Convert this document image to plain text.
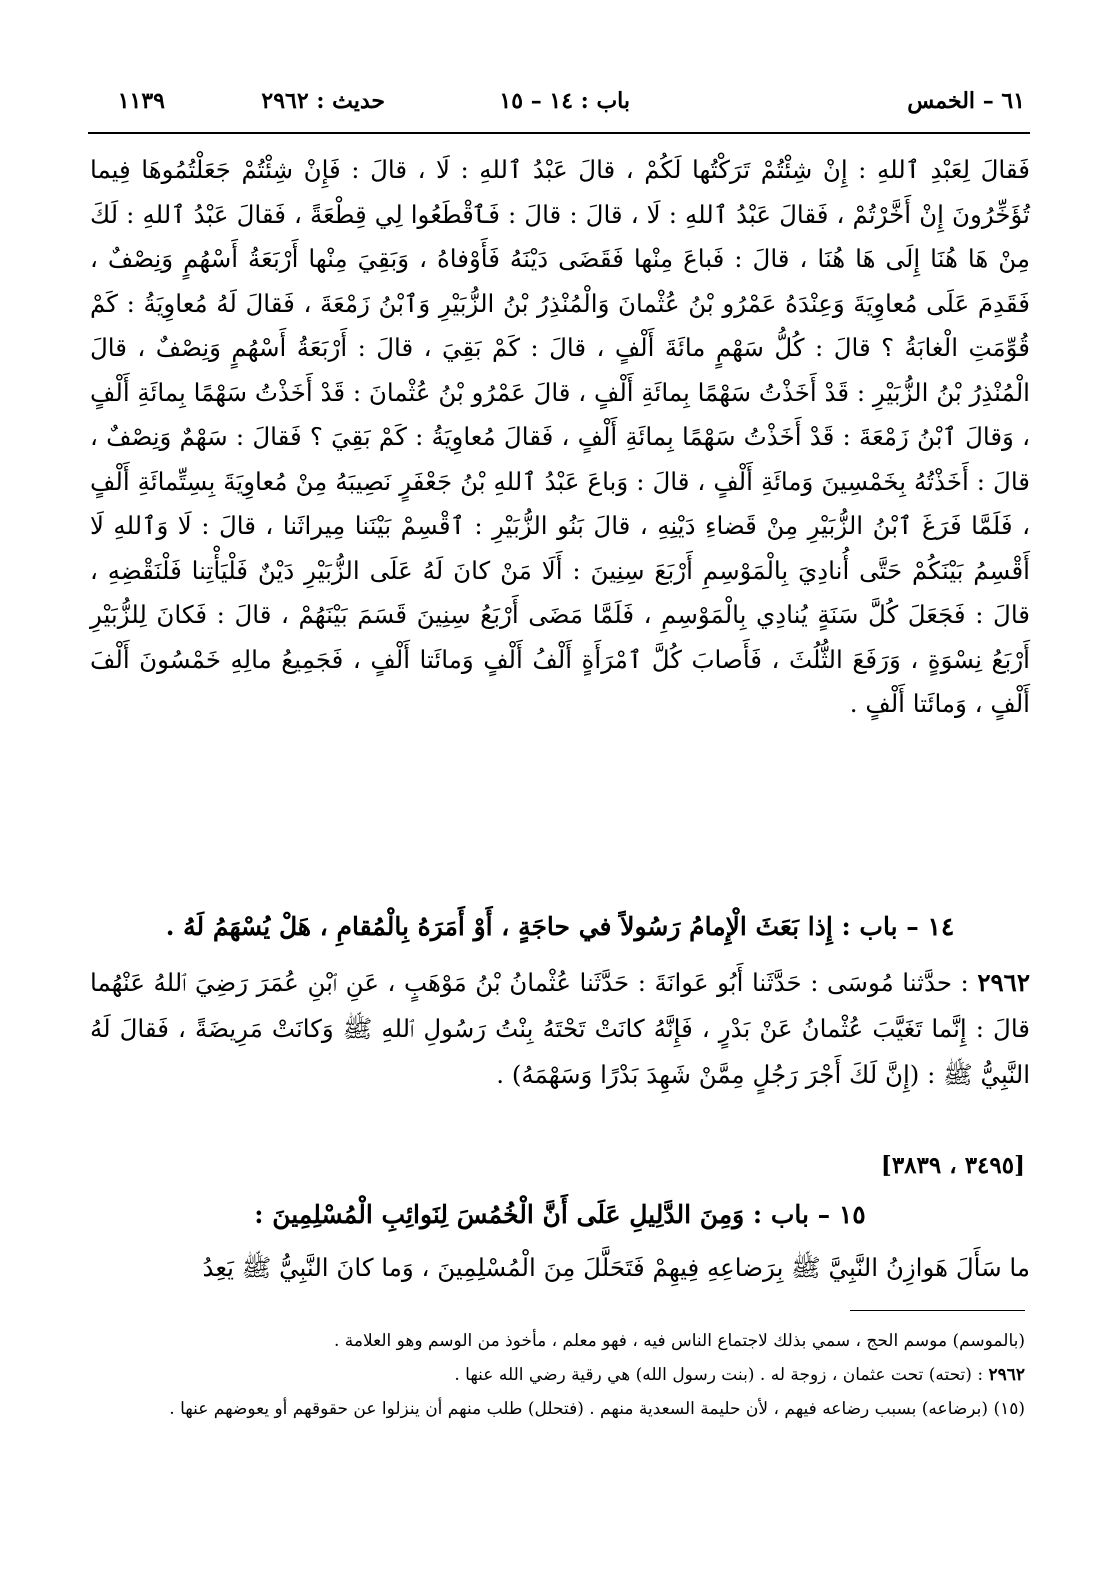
٦١ – الخمس
باب : ١٤ – ١٥
حديث : ٢٩٦٢
١١٣٩

فَقالَ لِعَبْدِ ٱللهِ : إِنْ شِئْتُمْ تَرَكْتُها لَكُمْ ، قالَ عَبْدُ ٱللهِ : لَا ، قالَ : فَإِنْ شِئْتُمْ جَعَلْتُمُوهَا فِيما تُؤَخِّرُونَ إِنْ أَخَّرْتُمْ ، فَقالَ عَبْدُ ٱللهِ : لَا ، قالَ : قالَ : فَٱقْطَعُوا لِي قِطْعَةً ، فَقالَ عَبْدُ ٱللهِ : لَكَ مِنْ هَا هُنَا إِلَى هَا هُنَا ، قالَ : فَباعَ مِنْها فَقَضَى دَيْنَهُ فَأَوْفاهُ ، وَبَقِيَ مِنْها أَرْبَعَةُ أَسْهُمٍ وَنِصْفٌ ، فَقَدِمَ عَلَى مُعاوِيَةَ وَعِنْدَهُ عَمْرُو بْنُ عُثْمانَ وَالْمُنْذِرُ بْنُ الزُّبَيْرِ وَٱبْنُ زَمْعَةَ ، فَقالَ لَهُ مُعاوِيَةُ : كَمْ قُوِّمَتِ الْغابَةُ ؟ قالَ : كُلُّ سَهْمٍ مائَةَ أَلْفٍ ، قالَ : كَمْ بَقِيَ ، قالَ : أَرْبَعَةُ أَسْهُمٍ وَنِصْفٌ ، قالَ الْمُنْذِرُ بْنُ الزُّبَيْرِ : قَدْ أَخَذْتُ سَهْمًا بِمائَةِ أَلْفٍ ، قالَ عَمْرُو بْنُ عُثْمانَ : قَدْ أَخَذْتُ سَهْمًا بِمائَةِ أَلْفٍ ، وَقالَ ٱبْنُ زَمْعَةَ : قَدْ أَخَذْتُ سَهْمًا بِمائَةِ أَلْفٍ ، فَقالَ مُعاوِيَةُ : كَمْ بَقِيَ ؟ فَقالَ : سَهْمٌ وَنِصْفٌ ، قالَ : أَخَذْتُهُ بِخَمْسِينَ وَمائَةِ أَلْفٍ ، قالَ : وَباعَ عَبْدُ ٱللهِ بْنُ جَعْفَرٍ نَصِيبَهُ مِنْ مُعاوِيَةَ بِسِتِّمائَةِ أَلْفٍ ، فَلَمَّا فَرَغَ ٱبْنُ الزُّبَيْرِ مِنْ قَضاءِ دَيْنِهِ ، قالَ بَنُو الزُّبَيْرِ : ٱقْسِمْ بَيْنَنا مِيراثَنا ، قالَ : لَا وَٱللهِ لَا أَقْسِمُ بَيْنَكُمْ حَتَّى أُنادِيَ بِالْمَوْسِمِ أَرْبَعَ سِنِينَ : أَلَا مَنْ كانَ لَهُ عَلَى الزُّبَيْرِ دَيْنٌ فَلْيَأْتِنا فَلْنَقْضِهِ ، قالَ : فَجَعَلَ كُلَّ سَنَةٍ يُنادِي بِالْمَوْسِمِ ، فَلَمَّا مَضَى أَرْبَعُ سِنِينَ قَسَمَ بَيْنَهُمْ ، قالَ : فَكانَ لِلزُّبَيْرِ أَرْبَعُ نِسْوَةٍ ، وَرَفَعَ الثُّلُثَ ، فَأَصابَ كُلَّ ٱمْرَأَةٍ أَلْفُ أَلْفٍ وَمائَتا أَلْفٍ ، فَجَمِيعُ مالِهِ خَمْسُونَ أَلْفَ أَلْفٍ ، وَمائَتا أَلْفٍ .

١٤ – باب : إِذا بَعَثَ الْإِمامُ رَسُولاً في حاجَةٍ ، أَوْ أَمَرَهُ بِالْمُقامِ ، هَلْ يُسْهَمُ لَهُ .
٢٩٦٢ : حدَّثنا مُوسَى : حَدَّثَنا أَبُو عَوانَةَ : حَدَّثَنا عُثْمانُ بْنُ مَوْهَبٍ ، عَنِ ٱبْنِ عُمَرَ رَضِيَ ٱللهُ عَنْهُما قالَ : إِنَّما تَغَيَّبَ عُثْمانُ عَنْ بَدْرٍ ، فَإِنَّهُ كانَتْ تَحْتَهُ بِنْتُ رَسُولِ ٱللهِ ﷺ وَكانَتْ مَرِيضَةً ، فَقالَ لَهُ النَّبِيُّ ﷺ : (إِنَّ لَكَ أَجْرَ رَجُلٍ مِمَّنْ شَهِدَ بَدْرًا وَسَهْمَهُ) .
[٣٤٩٥ ، ٣٨٣٩]
١٥ – باب : وَمِنَ الدَّلِيلِ عَلَى أَنَّ الْخُمُسَ لِنَوائِبِ الْمُسْلِمِينَ :
ما سَأَلَ هَوازِنُ النَّبِيَّ ﷺ بِرَضاعِهِ فِيهِمْ فَتَحَلَّلَ مِنَ الْمُسْلِمِينَ ، وَما كانَ النَّبِيُّ ﷺ يَعِدُ

(بالموسم) موسم الحج ، سمي بذلك لاجتماع الناس فيه ، فهو معلم ، مأخوذ من الوسم وهو العلامة .

٢٩٦٢ : (تحته) تحت عثمان ، زوجة له . (بنت رسول الله) هي رقية رضي الله عنها .

(١٥) (برضاعه) بسبب رضاعه فيهم ، لأن حليمة السعدية منهم . (فتحلل) طلب منهم أن ينزلوا عن حقوقهم أو يعوضهم عنها .
